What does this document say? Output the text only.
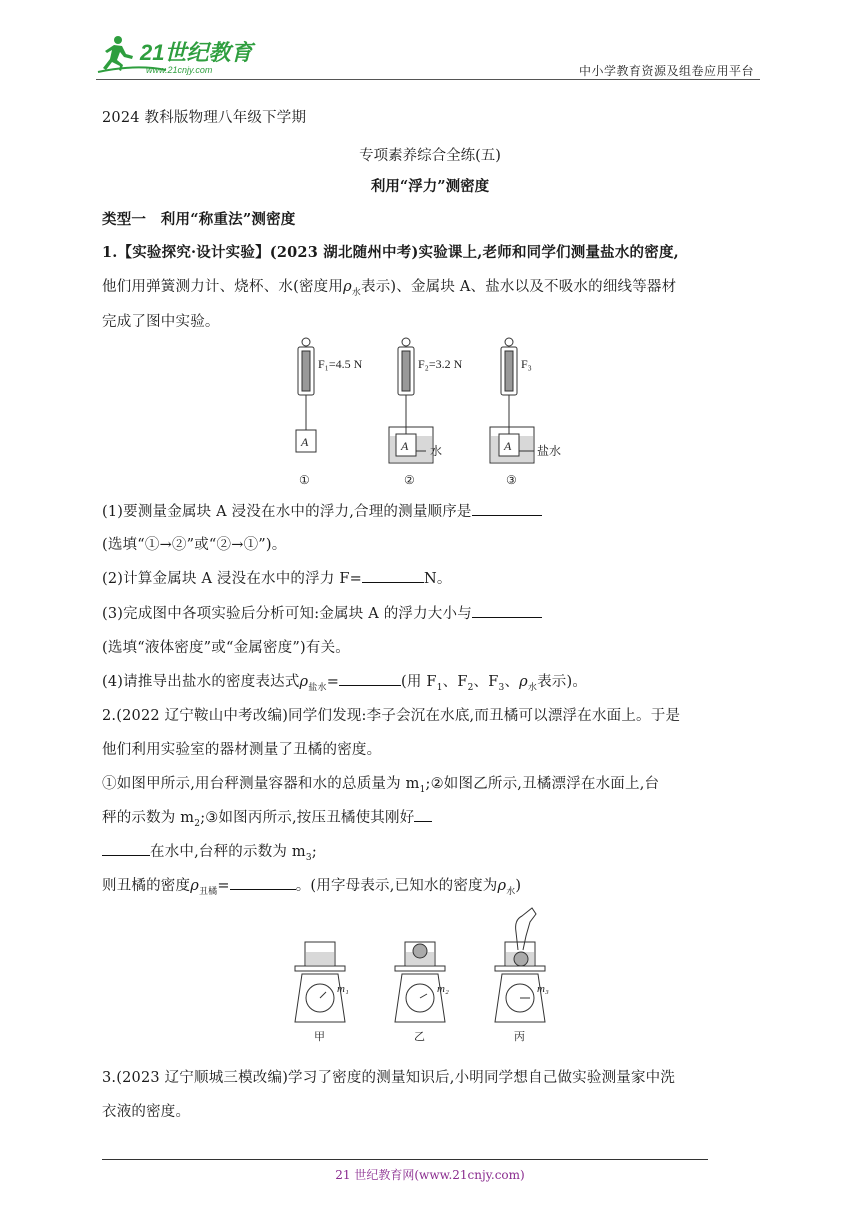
21世纪教育
www.21cnjy.com	中小学教育资源及组卷应用平台
2024 教科版物理八年级下学期
专项素养综合全练(五)
利用“浮力”测密度
类型一　利用“称重法”测密度
1.【实验探究·设计实验】(2023 湖北随州中考)实验课上,老师和同学们测量盐水的密度,
他们用弹簧测力计、烧杯、水(密度用$\rho_水$表示)、金属块 A、盐水以及不吸水的细线等器材
完成了图中实验。
F₁=4.5 N	F₂=3.2 N	F₃
A	A	A
水	盐水
①	②	③
(1)要测量金属块 A 浸没在水中的浮力,合理的测量顺序是
(选填“①→②”或“②→①”)。
(2)计算金属块 A 浸没在水中的浮力 F=	N。
(3)完成图中各项实验后分析可知:金属块 A 的浮力大小与
(选填“液体密度”或“金属密度”)有关。
(4)请推导出盐水的密度表达式$\rho_{盐水}=$	(用 $F_1$、$F_2$、$F_3$、$\rho_水$表示)。
2.(2022 辽宁鞍山中考改编)同学们发现:李子会沉在水底,而丑橘可以漂浮在水面上。于是
他们利用实验室的器材测量了丑橘的密度。
①如图甲所示,用台秤测量容器和水的总质量为 $m_1;②$如图乙所示,丑橘漂浮在水面上,台
秤的示数为 $m_2;③$如图丙所示,按压丑橘使其刚好
在水中,台秤的示数为 $m_3$;
则丑橘的密度$\rho_{丑橘}=$	。(用字母表示,已知水的密度为$\rho_水$)
m₁	m₂	m₃
甲	乙	丙
3.(2023 辽宁顺城三模改编)学习了密度的测量知识后,小明同学想自己做实验测量家中洗
衣液的密度。
21 世纪教育网(www.21cnjy.com)
